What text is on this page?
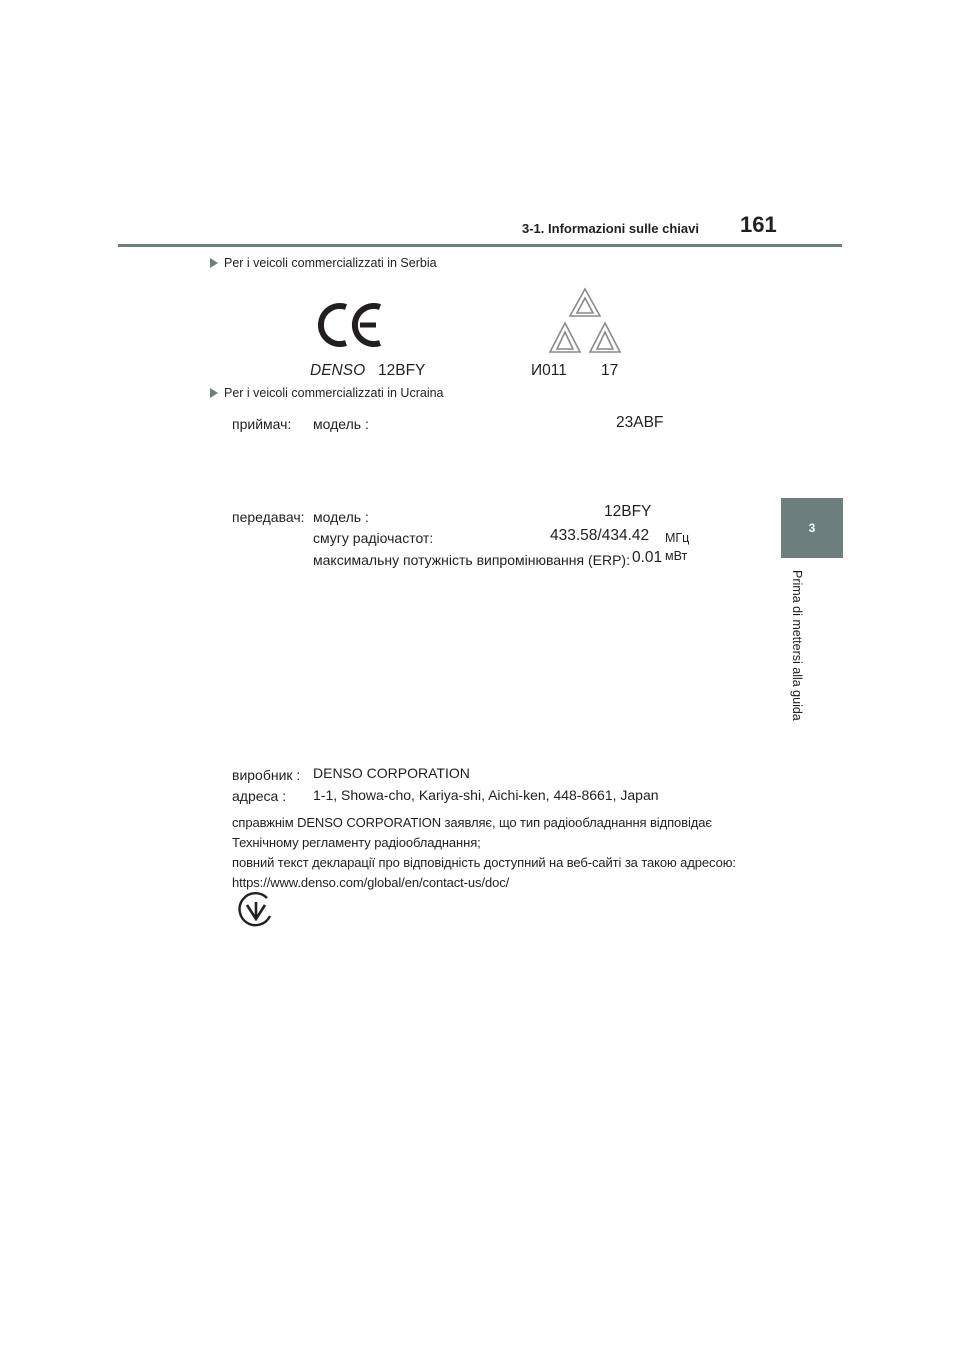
3-1. Informazioni sulle chiavi 161
3
Prima di mettersi alla guida
Per i veicoli commercializzati in Serbia
DENSO 12BFY	И011 17
Per i veicoli commercializzati in Ucraina
приймач: модель :	23ABF
передавач: модель :	12BFY
смугу радіочастот:	433.58/434.42 МГц
максимальну потужність випромінювання (ERP): 0.01 мВт
виробник : DENSO CORPORATION
адреса : 1-1, Showa-cho, Kariya-shi, Aichi-ken, 448-8661, Japan
справжнім DENSO CORPORATION заявляє, що тип радіообладнання відповідає
Технічному регламенту радіообладнання;
повний текст декларації про відповідність доступний на веб-сайті за такою адресою:
https://www.denso.com/global/en/contact-us/doc/
